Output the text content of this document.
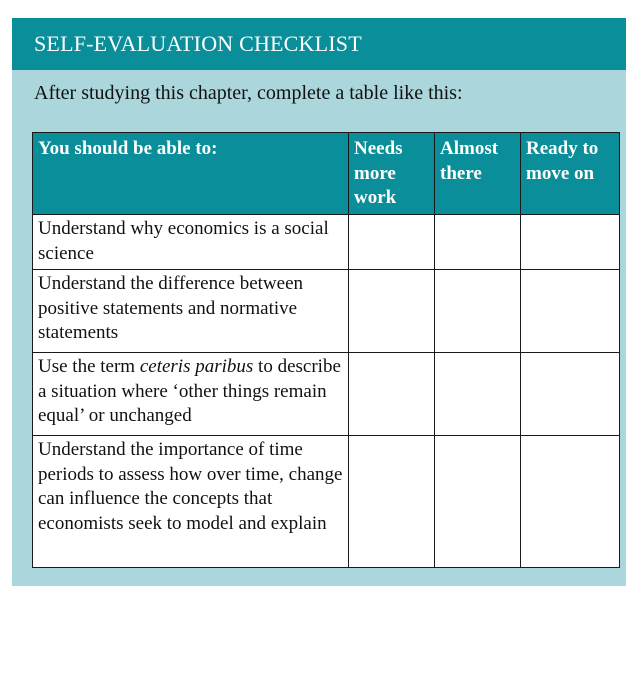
SELF-EVALUATION CHECKLIST
After studying this chapter, complete a table like this:
You should be able to:	Needs more work	Almost there	Ready to move on
Understand why economics is a social science			
Understand the difference between positive statements and normative statements			
Use the term ceteris paribus to describe a situation where ‘other things remain equal’ or unchanged			
Understand the importance of time periods to assess how over time, change can influence the concepts that economists seek to model and explain			
